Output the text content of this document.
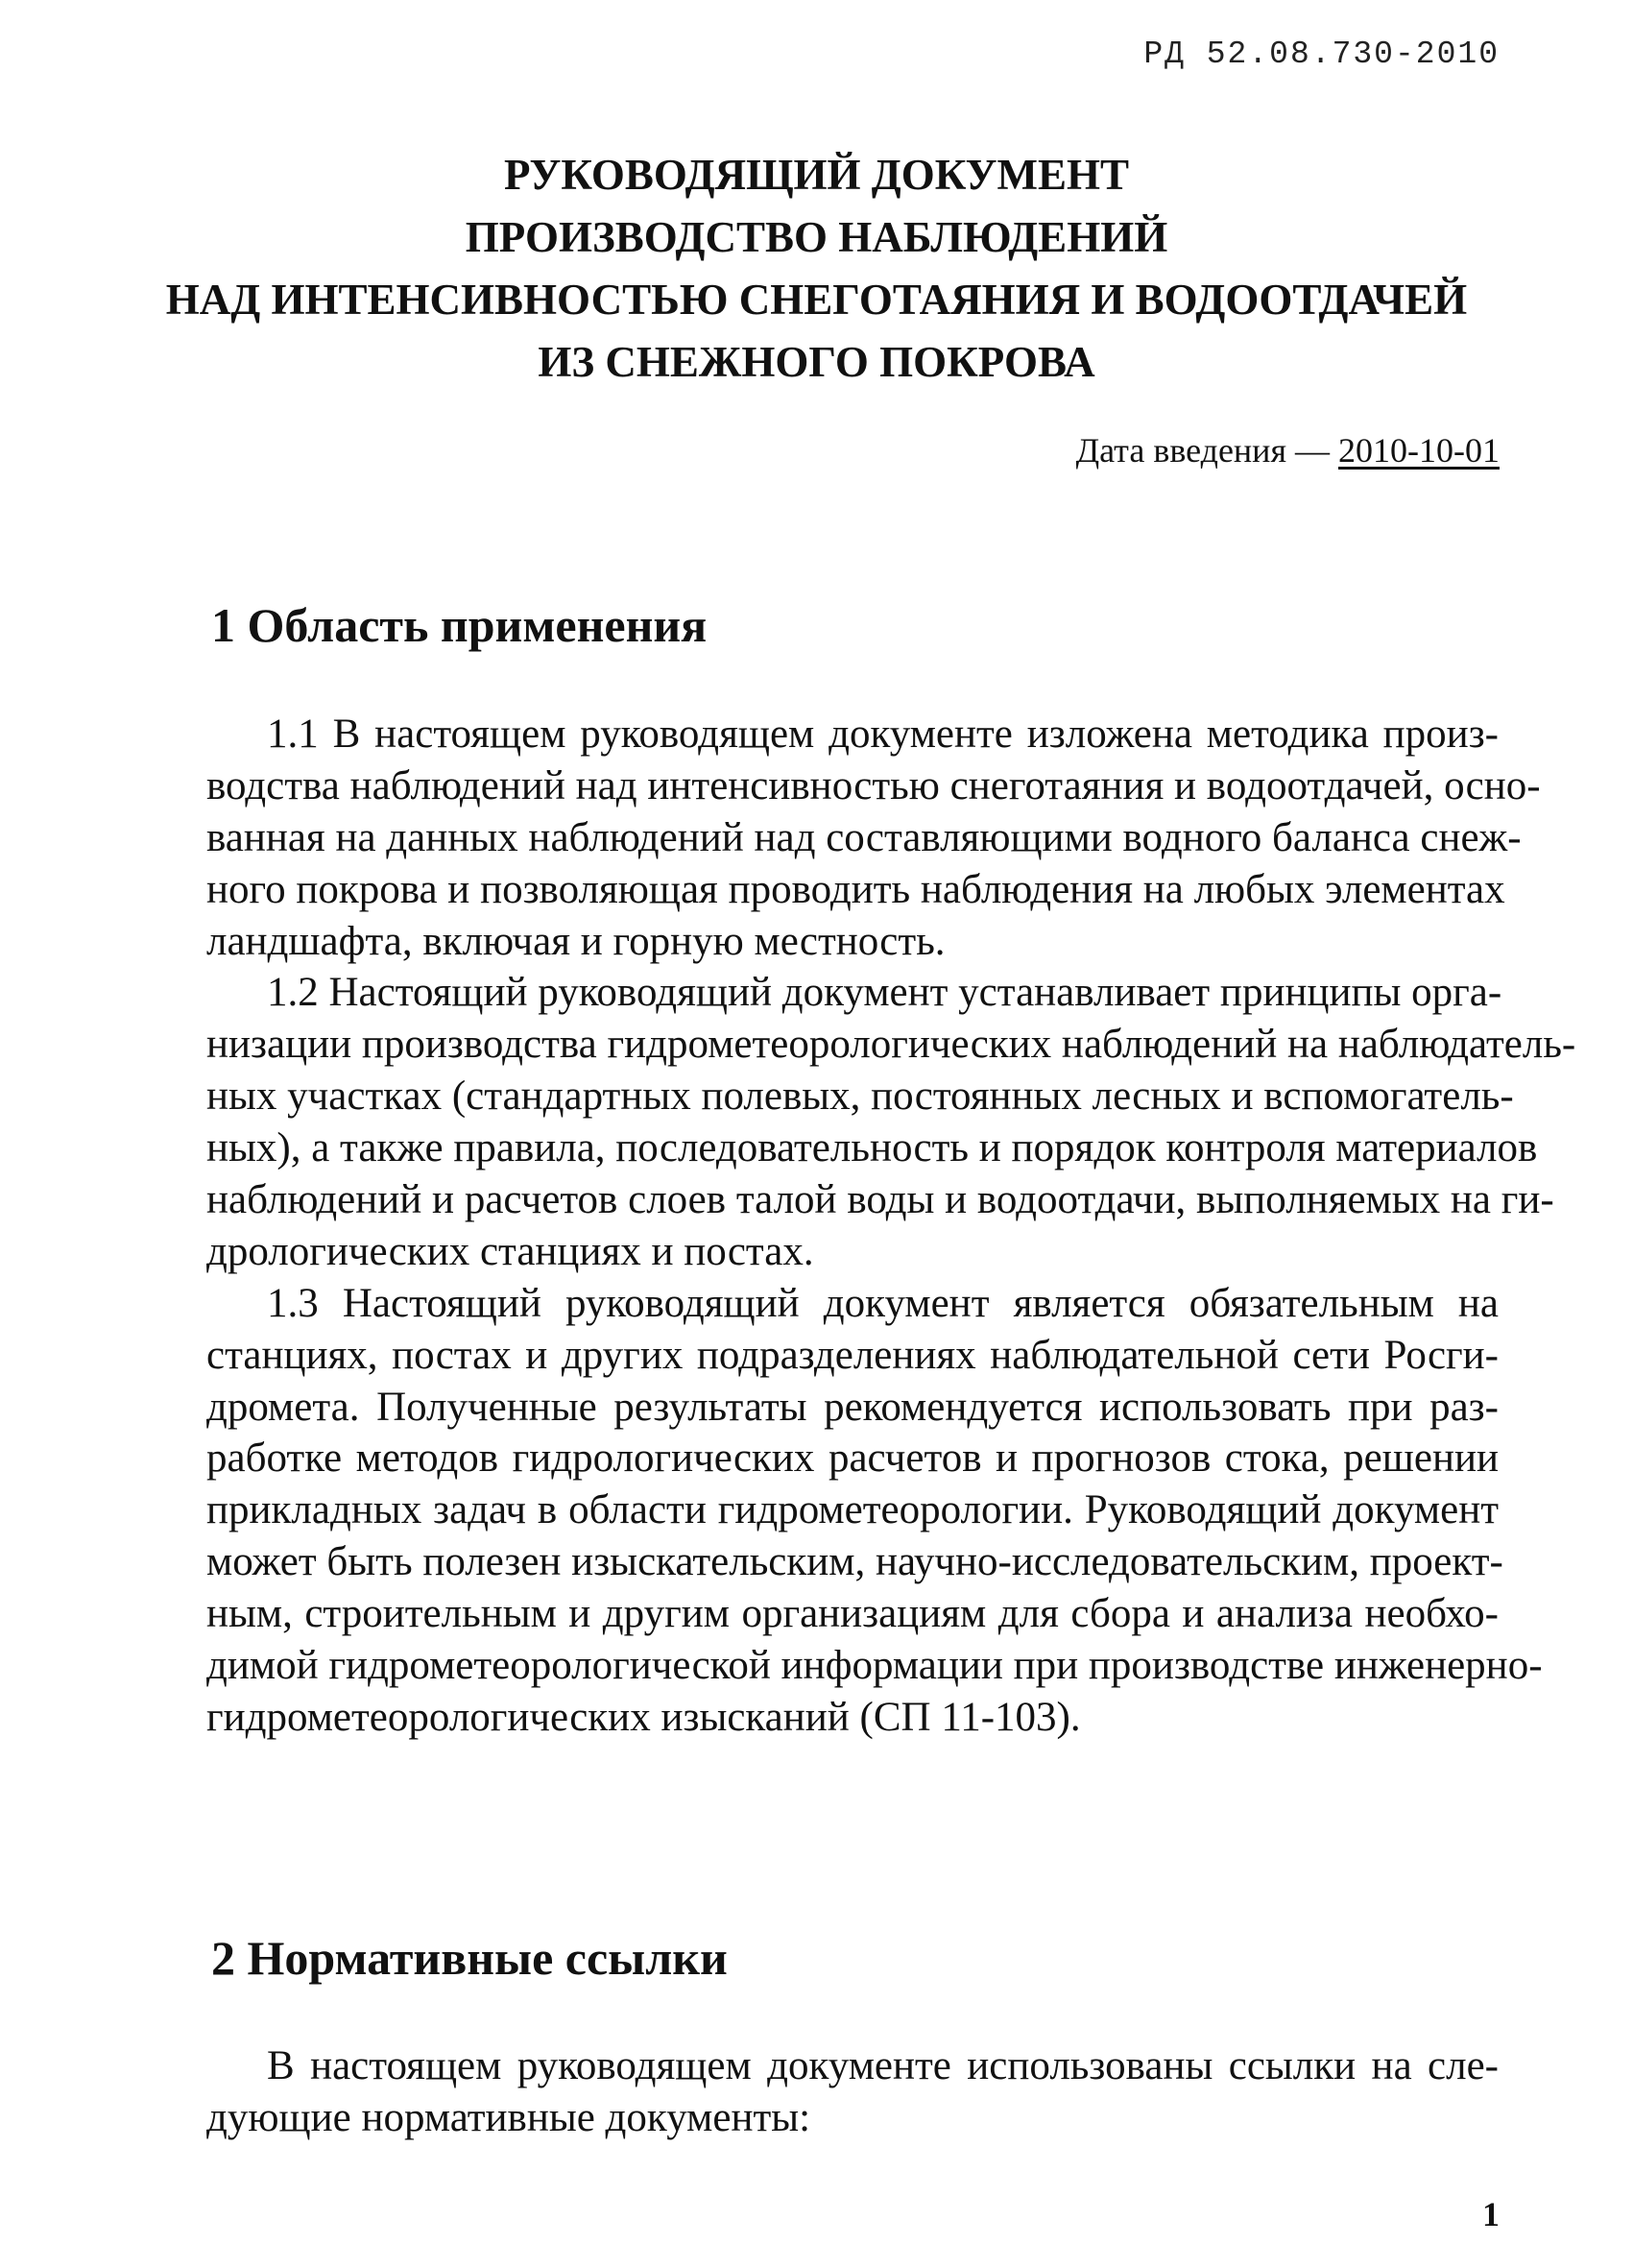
РД 52.08.730-2010
РУКОВОДЯЩИЙ ДОКУМЕНТ
ПРОИЗВОДСТВО НАБЛЮДЕНИЙ
НАД ИНТЕНСИВНОСТЬЮ СНЕГОТАЯНИЯ И ВОДООТДАЧЕЙ
ИЗ СНЕЖНОГО ПОКРОВА
Дата введения — 2010-10-01
1 Область применения
1.1 В настоящем руководящем документе изложена методика произ-
водства наблюдений над интенсивностью снеготаяния и водоотдачей, осно-
ванная на данных наблюдений над составляющими водного баланса снеж-
ного покрова и позволяющая проводить наблюдения на любых элементах
ландшафта, включая и горную местность.
1.2 Настоящий руководящий документ устанавливает принципы орга-
низации производства гидрометеорологических наблюдений на наблюдатель-
ных участках (стандартных полевых, постоянных лесных и вспомогатель-
ных), а также правила, последовательность и порядок контроля материалов
наблюдений и расчетов слоев талой воды и водоотдачи, выполняемых на ги-
дрологических станциях и постах.
1.3 Настоящий руководящий документ является обязательным на
станциях, постах и других подразделениях наблюдательной сети Росги-
дромета. Полученные результаты рекомендуется использовать при раз-
работке методов гидрологических расчетов и прогнозов стока, решении
прикладных задач в области гидрометеорологии. Руководящий документ
может быть полезен изыскательским, научно-исследовательским, проект-
ным, строительным и другим организациям для сбора и анализа необхо-
димой гидрометеорологической информации при производстве инженерно-
гидрометеорологических изысканий (СП 11-103).
2 Нормативные ссылки
В настоящем руководящем документе использованы ссылки на сле-
дующие нормативные документы:
1
